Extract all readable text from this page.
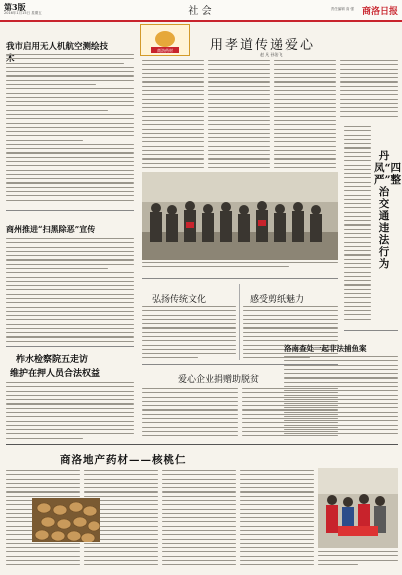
第3版
2016年1月15日 星期五	社 会	责任编辑 高 强 商洛日报
我市启用无人机航空测绘技	商洛药材	用孝道传递爱心
赵 凡 孙治飞
丹凤“四严”整治交通违法行为
商州推进“扫黑除恶”宣传
柞水检察院五走访
维护在押人员合法权益
弘扬传统文化	感受剪纸魅力
爱心企业捐赠助脱贫
洛南查处一起非法捕鱼案
商洛地产药材——核桃仁
